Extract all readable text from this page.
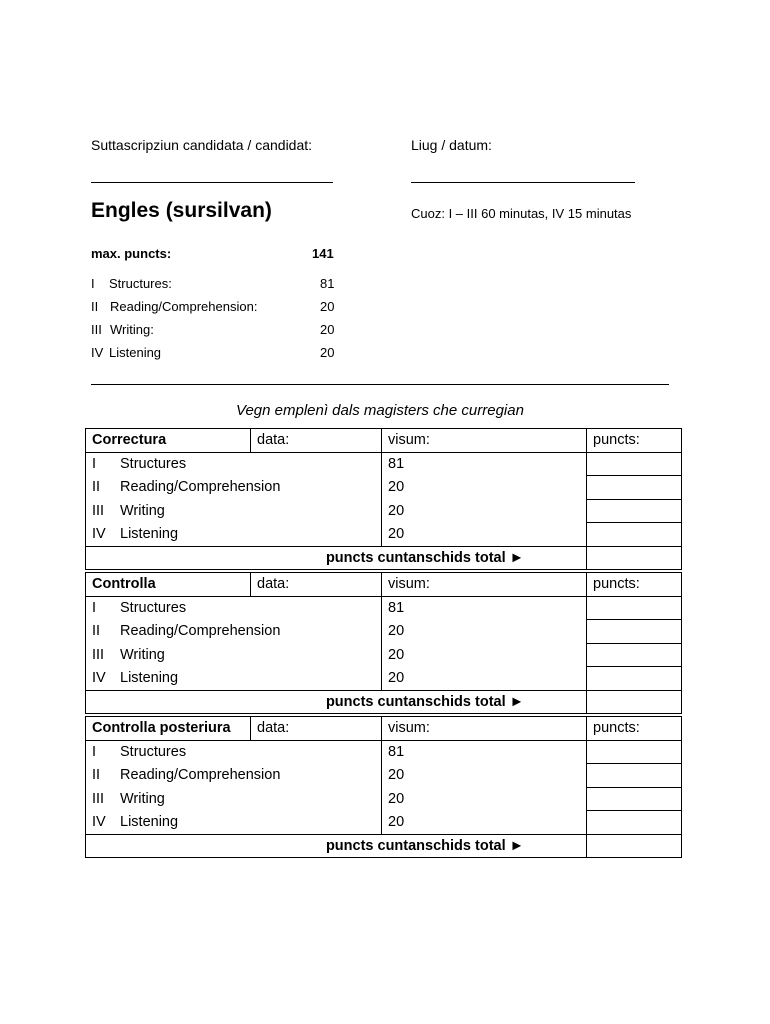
Suttascripziun candidata / candidat:	Liug / datum:
Engles (sursilvan)	Cuoz: I – III 60 minutas, IV 15 minutas
max. puncts:	141
I Structures:	81
II Reading/Comprehension:	20
III Writing:	20
IV Listening	20
Vegn emplenì dals magisters che curregian
Correctura	data:	visum:	puncts:
I Structures		81	
II Reading/Comprehension		20	
III Writing		20	
IV Listening		20	
puncts cuntanschids total ►			
Controlla	data:	visum:	puncts:
I Structures		81	
II Reading/Comprehension		20	
III Writing		20	
IV Listening		20	
puncts cuntanschids total ►			
Controlla posteriura	data:	visum:	puncts:
I Structures		81	
II Reading/Comprehension		20	
III Writing		20	
IV Listening		20	
puncts cuntanschids total ►			
